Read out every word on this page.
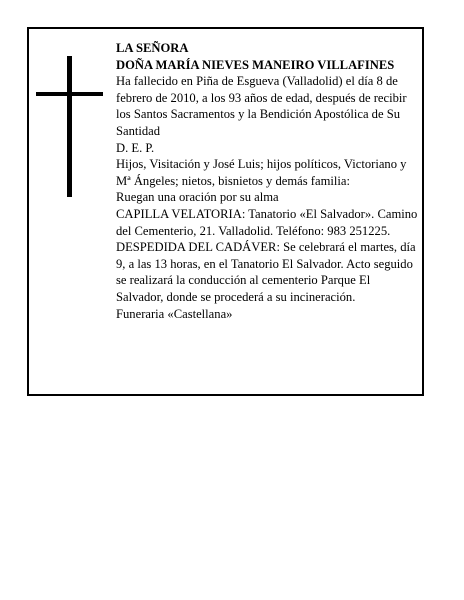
LA SEÑORA

DOÑA MARÍA NIEVES MANEIRO VILLAFINES

Ha fallecido en Piña de Esgueva (Valladolid) el día 8 de febrero de 2010, a los 93 años de edad, después de recibir los Santos Sacramentos y la Bendición Apostólica de Su Santidad

D. E. P.

Hijos, Visitación y José Luis; hijos políticos, Victoriano y Mª Ángeles; nietos, bisnietos y demás familia:

Ruegan una oración por su alma

CAPILLA VELATORIA: Tanatorio «El Salvador». Camino del Cementerio, 21. Valladolid. Teléfono: 983 251225.

DESPEDIDA DEL CADÁVER: Se celebrará el martes, día 9, a las 13 horas, en el Tanatorio El Salvador. Acto seguido se realizará la conducción al cementerio Parque El Salvador, donde se procederá a su incineración.

Funeraria «Castellana»
